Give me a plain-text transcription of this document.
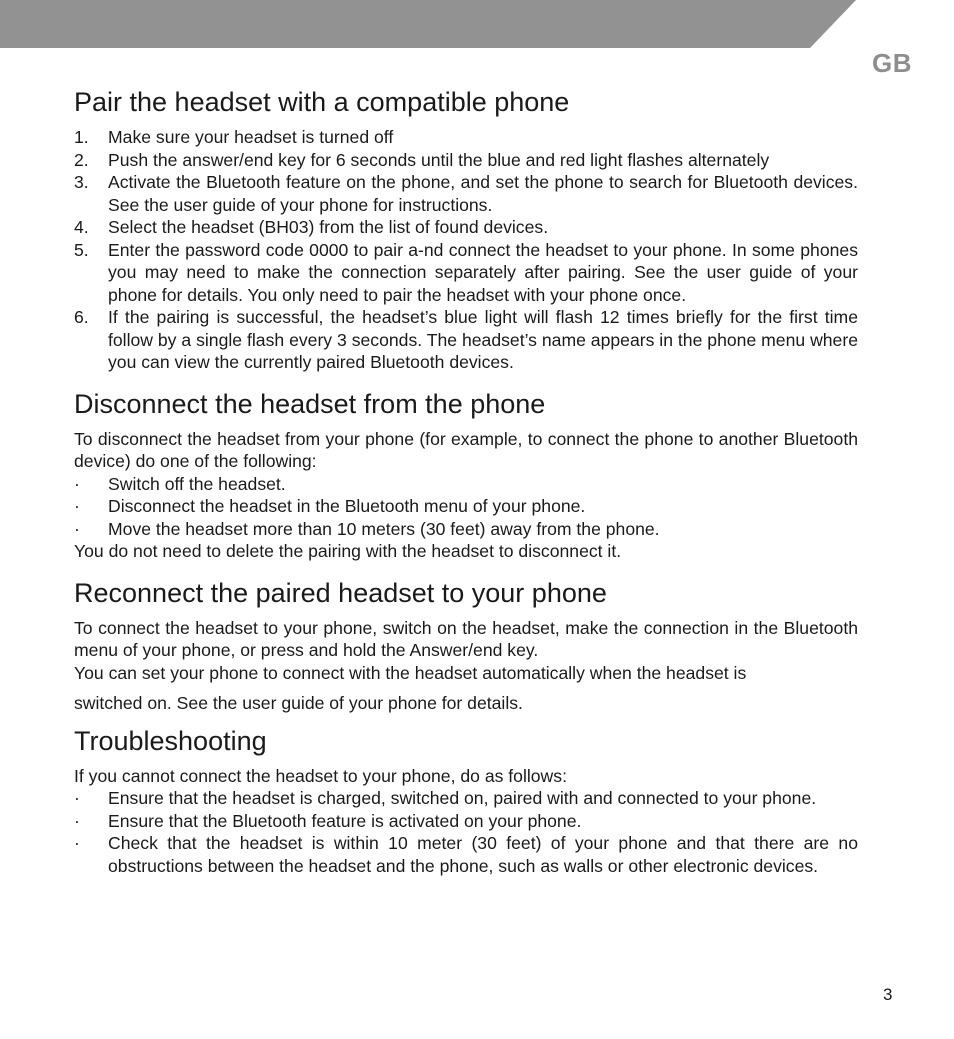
GB
Pair the headset with a compatible phone
1. Make sure your headset is turned off
2. Push the answer/end key for 6 seconds until the blue and red light flashes alternately
3. Activate the Bluetooth feature on the phone, and set the phone to search for Bluetooth devices. See the user guide of your phone for instructions.
4. Select the headset (BH03) from the list of found devices.
5. Enter the password code 0000 to pair a-nd connect the headset to your phone. In some phones you may need to make the connection separately after pairing. See the user guide of your phone for details. You only need to pair the headset with your phone once.
6. If the pairing is successful, the headset’s blue light will flash 12 times briefly for the first time follow by a single flash every 3 seconds. The headset’s name appears in the phone menu where you can view the currently paired Bluetooth devices.
Disconnect the headset from the phone

To disconnect the headset from your phone (for example, to connect the phone to another Bluetooth device) do one of the following:

· Switch off the headset.
· Disconnect the headset in the Bluetooth menu of your phone.
· Move the headset more than 10 meters (30 feet) away from the phone.

You do not need to delete the pairing with the headset to disconnect it.

Reconnect the paired headset to your phone

To connect the headset to your phone, switch on the headset, make the connection in the Bluetooth menu of your phone, or press and hold the Answer/end key.

You can set your phone to connect with the headset automatically when the headset is

switched on. See the user guide of your phone for details.

Troubleshooting

If you cannot connect the headset to your phone, do as follows:

· Ensure that the headset is charged, switched on, paired with and connected to your phone.
· Ensure that the Bluetooth feature is activated on your phone.
· Check that the headset is within 10 meter (30 feet) of your phone and that there are no obstructions between the headset and the phone, such as walls or other electronic devices.
3
